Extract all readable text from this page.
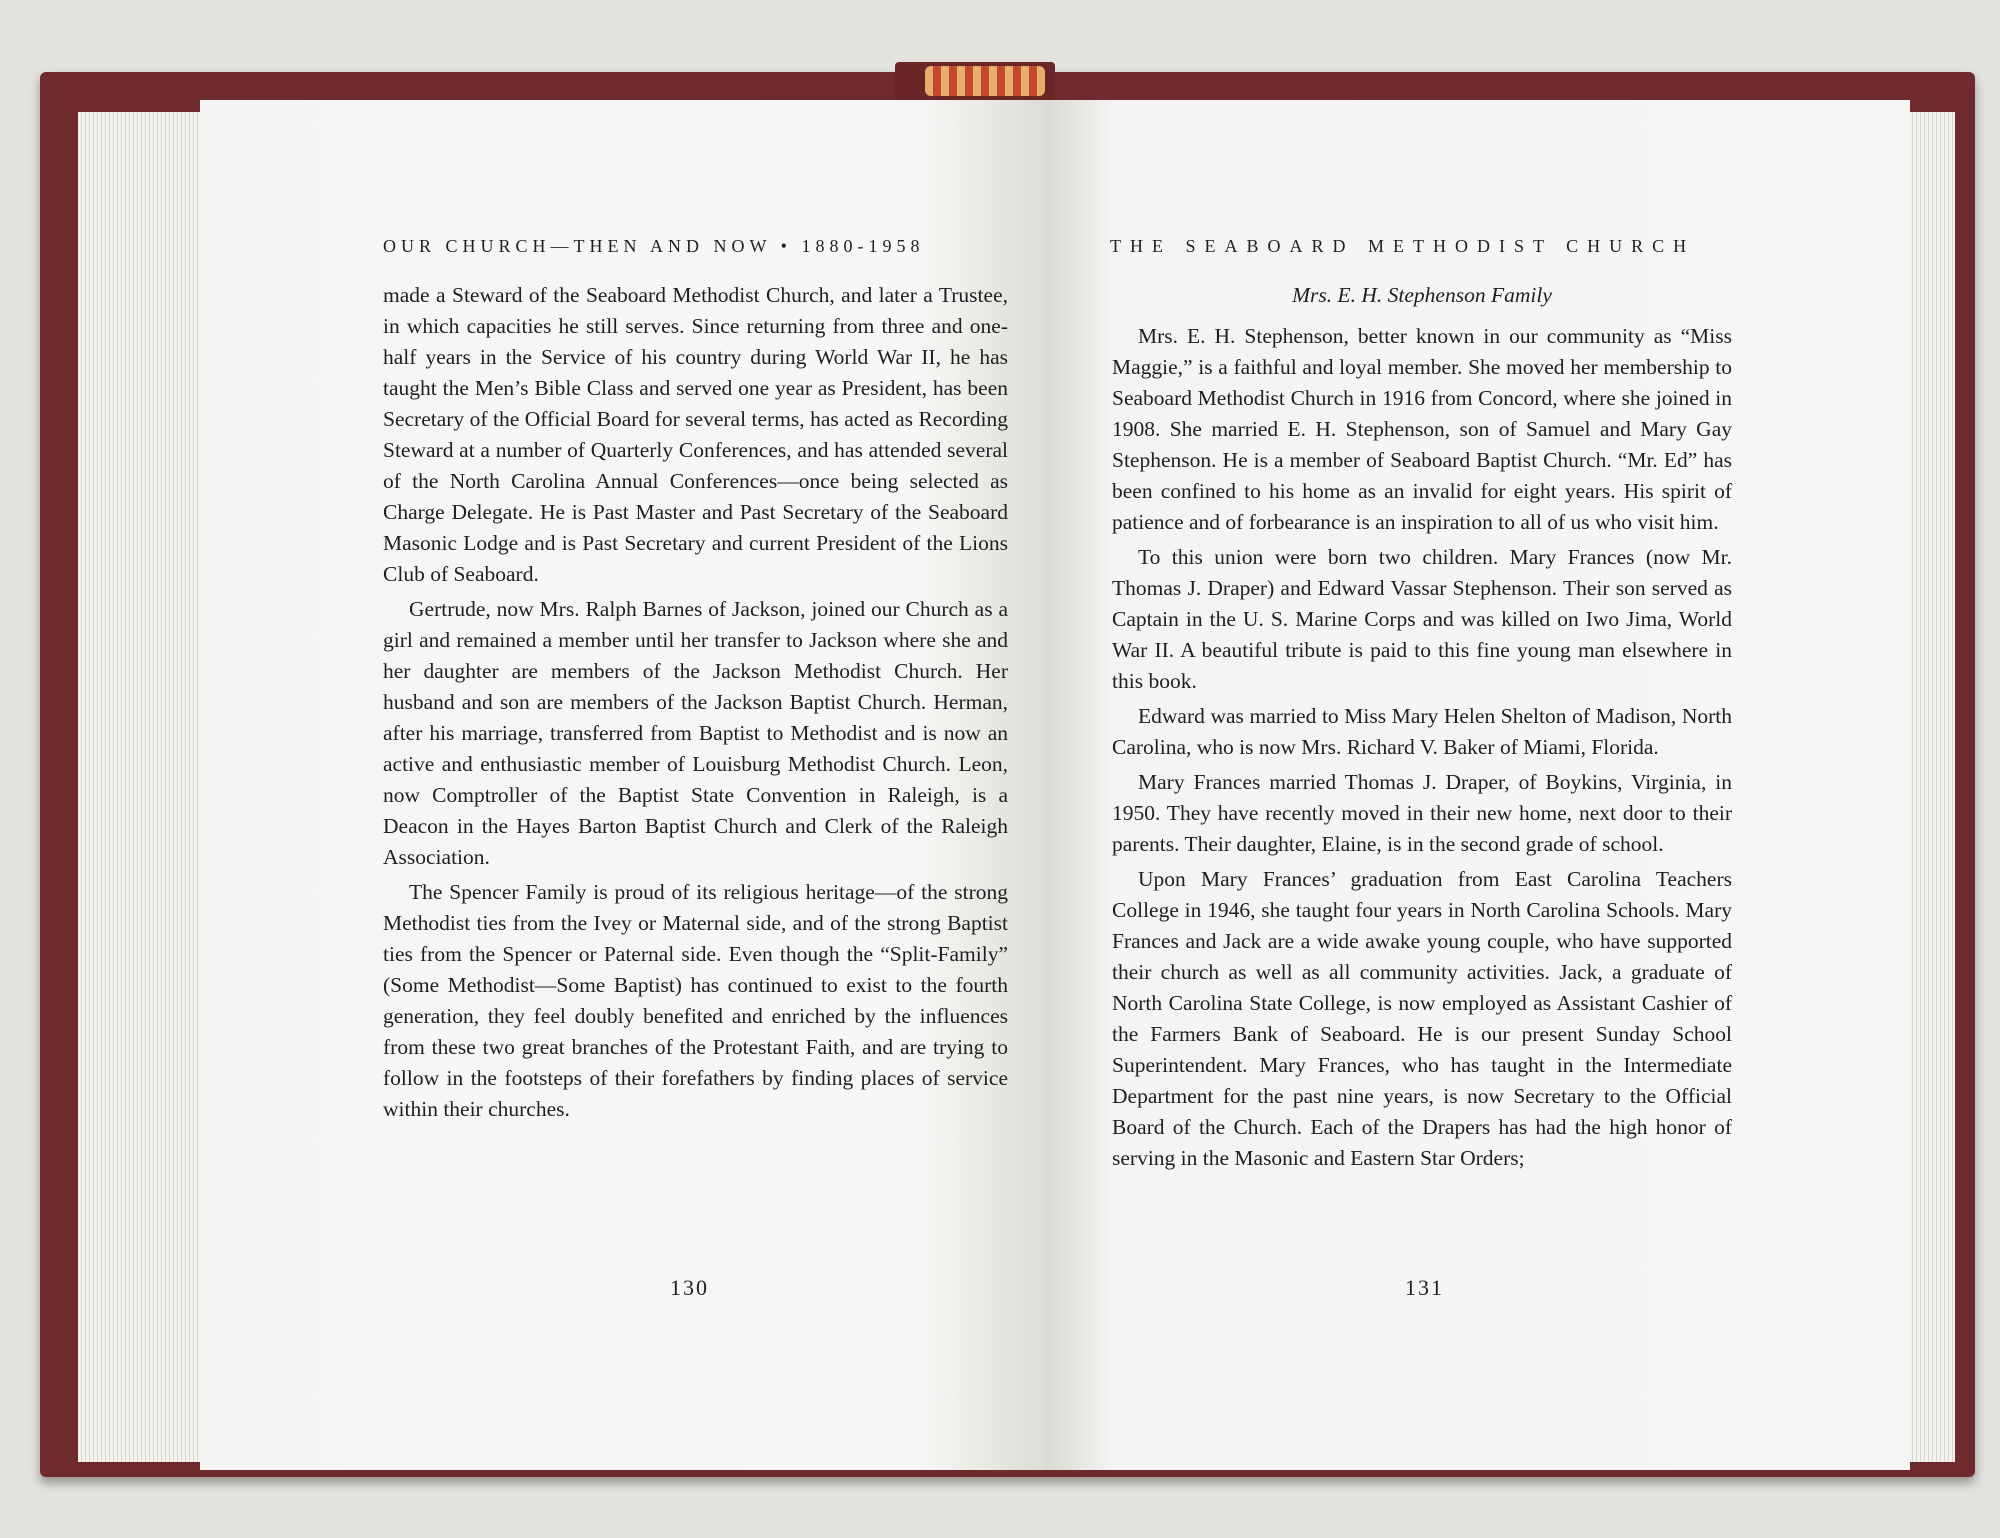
OUR CHURCH—THEN AND NOW • 1880-1958

made a Steward of the Seaboard Methodist Church, and later a Trustee, in which capacities he still serves. Since returning from three and one-half years in the Service of his country during World War II, he has taught the Men’s Bible Class and served one year as President, has been Secretary of the Official Board for several terms, has acted as Recording Steward at a number of Quarterly Conferences, and has attended several of the North Carolina Annual Conferences—once being selected as Charge Delegate. He is Past Master and Past Secretary of the Seaboard Masonic Lodge and is Past Secretary and current President of the Lions Club of Seaboard.

Gertrude, now Mrs. Ralph Barnes of Jackson, joined our Church as a girl and remained a member until her transfer to Jackson where she and her daughter are members of the Jackson Methodist Church. Her husband and son are members of the Jackson Baptist Church. Herman, after his marriage, transferred from Baptist to Methodist and is now an active and enthusiastic member of Louisburg Methodist Church. Leon, now Comptroller of the Baptist State Convention in Raleigh, is a Deacon in the Hayes Barton Baptist Church and Clerk of the Raleigh Association.

The Spencer Family is proud of its religious heritage—of the strong Methodist ties from the Ivey or Maternal side, and of the strong Baptist ties from the Spencer or Paternal side. Even though the “Split-Family” (Some Methodist—Some Baptist) has continued to exist to the fourth generation, they feel doubly benefited and enriched by the influences from these two great branches of the Protestant Faith, and are trying to follow in the footsteps of their forefathers by finding places of service within their churches.

130
THE SEABOARD METHODIST CHURCH
Mrs. E. H. Stephenson Family

Mrs. E. H. Stephenson, better known in our community as “Miss Maggie,” is a faithful and loyal member. She moved her membership to Seaboard Methodist Church in 1916 from Concord, where she joined in 1908. She married E. H. Stephenson, son of Samuel and Mary Gay Stephenson. He is a member of Seaboard Baptist Church. “Mr. Ed” has been confined to his home as an invalid for eight years. His spirit of patience and of forbearance is an inspiration to all of us who visit him.

To this union were born two children. Mary Frances (now Mr. Thomas J. Draper) and Edward Vassar Stephenson. Their son served as Captain in the U. S. Marine Corps and was killed on Iwo Jima, World War II. A beautiful tribute is paid to this fine young man elsewhere in this book.

Edward was married to Miss Mary Helen Shelton of Madison, North Carolina, who is now Mrs. Richard V. Baker of Miami, Florida.

Mary Frances married Thomas J. Draper, of Boykins, Virginia, in 1950. They have recently moved in their new home, next door to their parents. Their daughter, Elaine, is in the second grade of school.

Upon Mary Frances’ graduation from East Carolina Teachers College in 1946, she taught four years in North Carolina Schools. Mary Frances and Jack are a wide awake young couple, who have supported their church as well as all community activities. Jack, a graduate of North Carolina State College, is now employed as Assistant Cashier of the Farmers Bank of Seaboard. He is our present Sunday School Superintendent. Mary Frances, who has taught in the Intermediate Department for the past nine years, is now Secretary to the Official Board of the Church. Each of the Drapers has had the high honor of serving in the Masonic and Eastern Star Orders;

131
